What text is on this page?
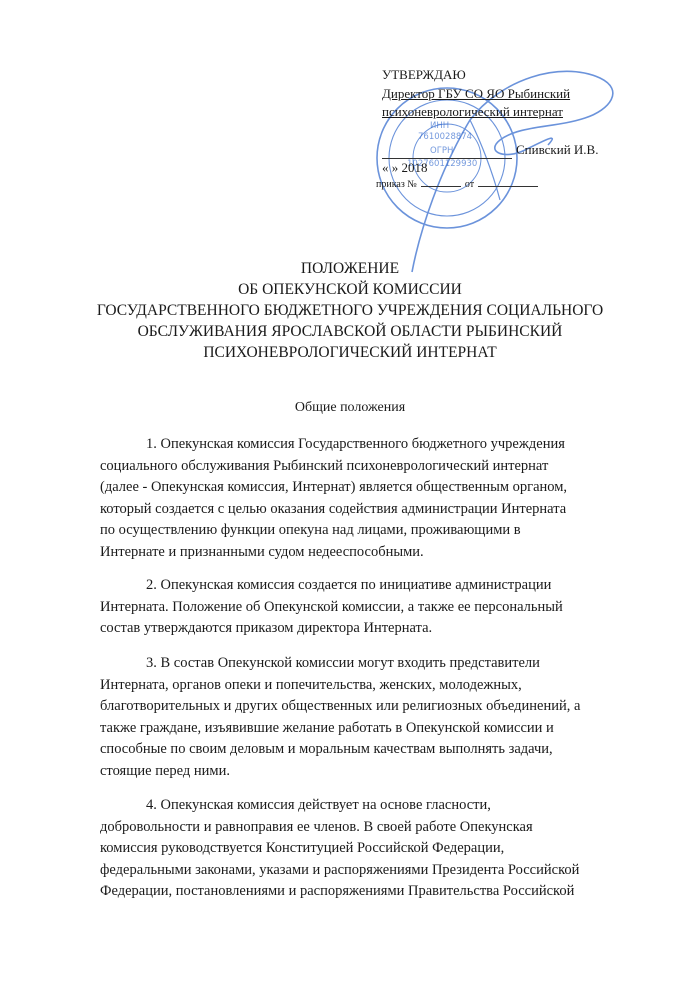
ИНН
7610028874
ОГРН
1027601129930
УТВЕРЖДАЮ
Директор ГБУ СО ЯО Рыбинский
психоневрологический интернат
Спивский И.В.
« » 2018
приказ №	от
ПОЛОЖЕНИЕ
ОБ ОПЕКУНСКОЙ КОМИССИИ
ГОСУДАРСТВЕННОГО БЮДЖЕТНОГО УЧРЕЖДЕНИЯ СОЦИАЛЬНОГО
ОБСЛУЖИВАНИЯ ЯРОСЛАВСКОЙ ОБЛАСТИ РЫБИНСКИЙ
ПСИХОНЕВРОЛОГИЧЕСКИЙ ИНТЕРНАТ
Общие положения
1. Опекунская комиссия Государственного бюджетного учреждения
социального обслуживания Рыбинский психоневрологический интернат
(далее - Опекунская комиссия, Интернат) является общественным органом,
который создается с целью оказания содействия администрации Интерната
по осуществлению функции опекуна над лицами, проживающими в
Интернате и признанными судом недееспособными.
2. Опекунская комиссия создается по инициативе администрации
Интерната. Положение об Опекунской комиссии, а также ее персональный
состав утверждаются приказом директора Интерната.
3. В состав Опекунской комиссии могут входить представители
Интерната, органов опеки и попечительства, женских, молодежных,
благотворительных и других общественных или религиозных объединений, а
также граждане, изъявившие желание работать в Опекунской комиссии и
способные по своим деловым и моральным качествам выполнять задачи,
стоящие перед ними.
4. Опекунская комиссия действует на основе гласности,
добровольности и равноправия ее членов. В своей работе Опекунская
комиссия руководствуется Конституцией Российской Федерации,
федеральными законами, указами и распоряжениями Президента Российской
Федерации, постановлениями и распоряжениями Правительства Российской
